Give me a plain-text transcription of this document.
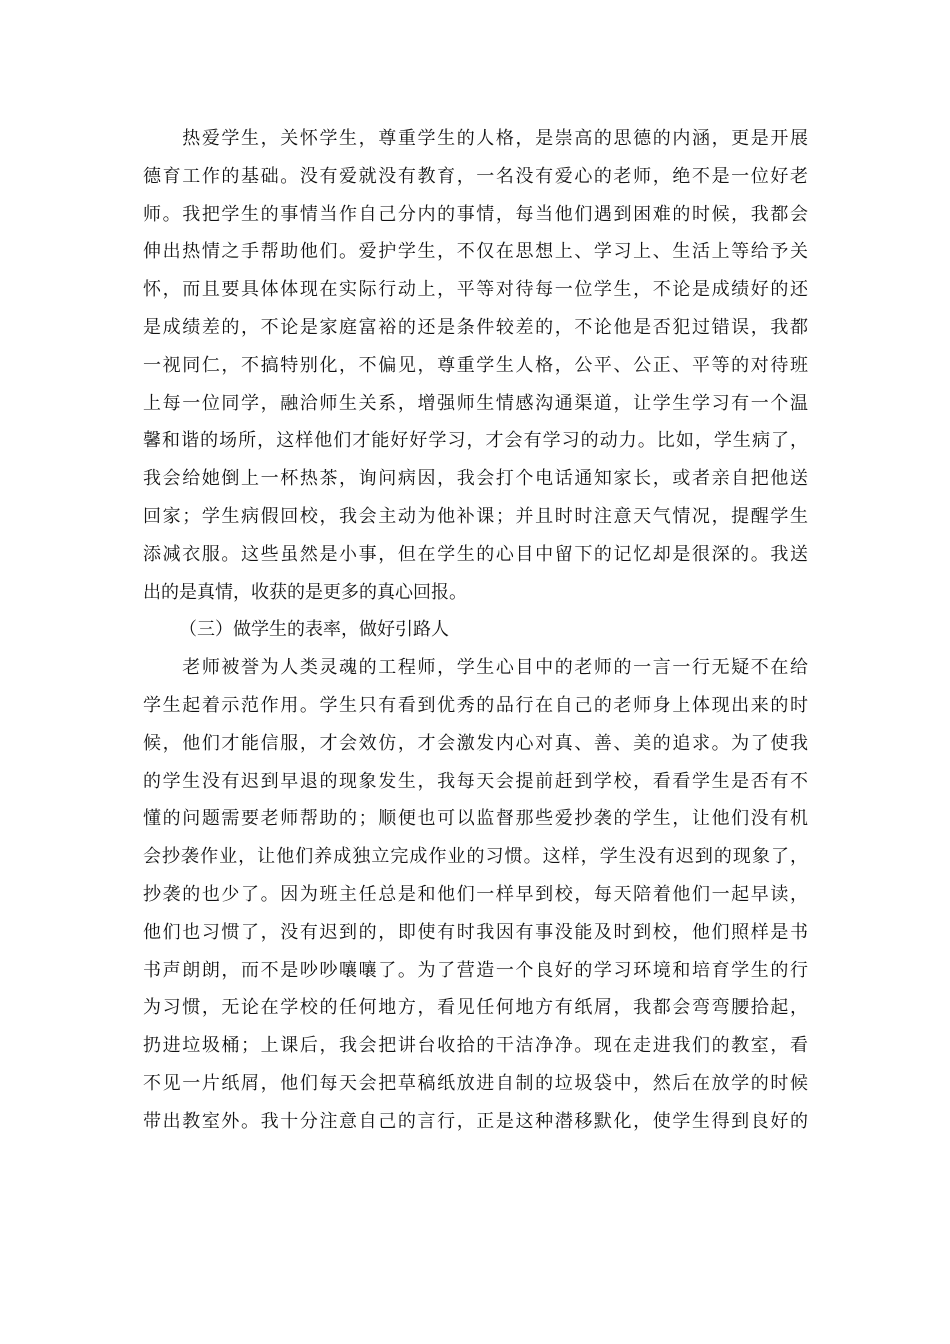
　　热爱学生，关怀学生，尊重学生的人格，是崇高的思德的内涵，更是开展
德育工作的基础。没有爱就没有教育，一名没有爱心的老师，绝不是一位好老
师。我把学生的事情当作自己分内的事情，每当他们遇到困难的时候，我都会
伸出热情之手帮助他们。爱护学生，不仅在思想上、学习上、生活上等给予关
怀，而且要具体体现在实际行动上，平等对待每一位学生，不论是成绩好的还
是成绩差的，不论是家庭富裕的还是条件较差的，不论他是否犯过错误，我都
一视同仁，不搞特别化，不偏见，尊重学生人格，公平、公正、平等的对待班
上每一位同学，融洽师生关系，增强师生情感沟通渠道，让学生学习有一个温
馨和谐的场所，这样他们才能好好学习，才会有学习的动力。比如，学生病了，
我会给她倒上一杯热茶，询问病因，我会打个电话通知家长，或者亲自把他送
回家；学生病假回校，我会主动为他补课；并且时时注意天气情况，提醒学生
添减衣服。这些虽然是小事，但在学生的心目中留下的记忆却是很深的。我送
出的是真情，收获的是更多的真心回报。
（三）做学生的表率，做好引路人
　　老师被誉为人类灵魂的工程师，学生心目中的老师的一言一行无疑不在给
学生起着示范作用。学生只有看到优秀的品行在自己的老师身上体现出来的时
候，他们才能信服，才会效仿，才会激发内心对真、善、美的追求。为了使我
的学生没有迟到早退的现象发生，我每天会提前赶到学校，看看学生是否有不
懂的问题需要老师帮助的；顺便也可以监督那些爱抄袭的学生，让他们没有机
会抄袭作业，让他们养成独立完成作业的习惯。这样，学生没有迟到的现象了，
抄袭的也少了。因为班主任总是和他们一样早到校，每天陪着他们一起早读，
他们也习惯了，没有迟到的，即使有时我因有事没能及时到校，他们照样是书
书声朗朗，而不是吵吵嚷嚷了。为了营造一个良好的学习环境和培育学生的行
为习惯，无论在学校的任何地方，看见任何地方有纸屑，我都会弯弯腰拾起，
扔进垃圾桶；上课后，我会把讲台收拾的干洁净净。现在走进我们的教室，看
不见一片纸屑，他们每天会把草稿纸放进自制的垃圾袋中，然后在放学的时候
带出教室外。我十分注意自己的言行，正是这种潜移默化，使学生得到良好的
